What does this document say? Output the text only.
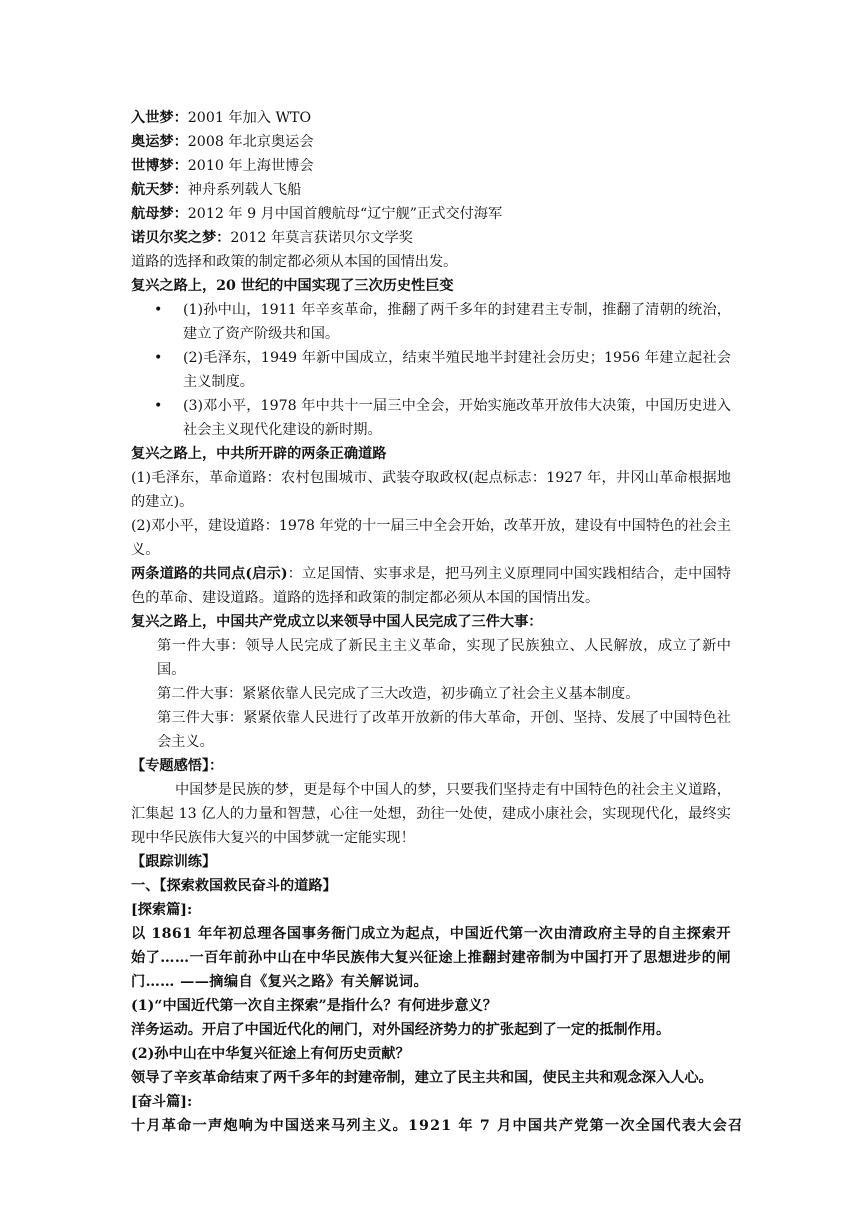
入世梦：2001 年加入 WTO

奥运梦：2008 年北京奥运会

世博梦：2010 年上海世博会

航天梦：神舟系列载人飞船

航母梦：2012 年 9 月中国首艘航母“辽宁舰”正式交付海军

诺贝尔奖之梦：2012 年莫言获诺贝尔文学奖

道路的选择和政策的制定都必须从本国的国情出发。

复兴之路上，20 世纪的中国实现了三次历史性巨变

• (1)孙中山，1911 年辛亥革命，推翻了两千多年的封建君主专制，推翻了清朝的统治，建立了资产阶级共和国。
• (2)毛泽东，1949 年新中国成立，结束半殖民地半封建社会历史；1956 年建立起社会主义制度。
• (3)邓小平，1978 年中共十一届三中全会，开始实施改革开放伟大决策，中国历史进入社会主义现代化建设的新时期。

复兴之路上，中共所开辟的两条正确道路

(1)毛泽东，革命道路：农村包围城市、武装夺取政权(起点标志：1927 年，井冈山革命根据地的建立)。

(2)邓小平，建设道路：1978 年党的十一届三中全会开始，改革开放，建设有中国特色的社会主义。

两条道路的共同点(启示)：立足国情、实事求是，把马列主义原理同中国实践相结合，走中国特色的革命、建设道路。道路的选择和政策的制定都必须从本国的国情出发。

复兴之路上，中国共产党成立以来领导中国人民完成了三件大事：

第一件大事：领导人民完成了新民主主义革命，实现了民族独立、人民解放，成立了新中国。

第二件大事：紧紧依靠人民完成了三大改造，初步确立了社会主义基本制度。

第三件大事：紧紧依靠人民进行了改革开放新的伟大革命，开创、坚持、发展了中国特色社会主义。

【专题感悟】：

中国梦是民族的梦，更是每个中国人的梦，只要我们坚持走有中国特色的社会主义道路，汇集起 13 亿人的力量和智慧，心往一处想，劲往一处使，建成小康社会，实现现代化，最终实现中华民族伟大复兴的中国梦就一定能实现！

【跟踪训练】

一、【探索救国救民奋斗的道路】

[探索篇]:

以 1861 年年初总理各国事务衙门成立为起点，中国近代第一次由清政府主导的自主探索开始了……一百年前孙中山在中华民族伟大复兴征途上推翻封建帝制为中国打开了思想进步的闸门…… ——摘编自《复兴之路》有关解说词。

(1)“中国近代第一次自主探索”是指什么？有何进步意义？

洋务运动。开启了中国近代化的闸门，对外国经济势力的扩张起到了一定的抵制作用。

(2)孙中山在中华复兴征途上有何历史贡献？

领导了辛亥革命结束了两千多年的封建帝制，建立了民主共和国，使民主共和观念深入人心。

[奋斗篇]:

十月革命一声炮响为中国送来马列主义。1921 年 7 月中国共产党第一次全国代表大会召
